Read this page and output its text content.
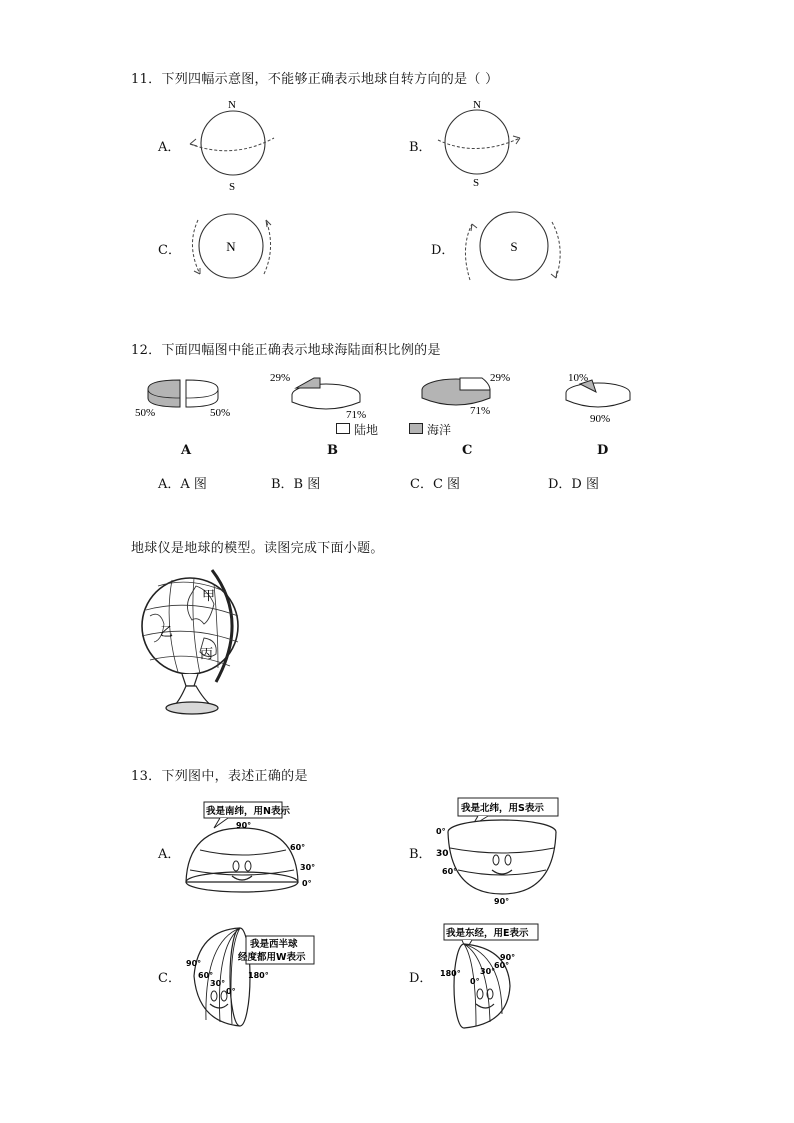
11．下列四幅示意图，不能够正确表示地球自转方向的是（ ）
A．
N
S
B．
N
S
C．	N	D．	S
12．下面四幅图中能正确表示地球海陆面积比例的是
50%	50%
29%
71%
29%
71%
10%
90%
陆地	海洋
A	B	C	D
A．A 图	B．B 图	C．C 图	D．D 图
地球仪是地球的模型。读图完成下面小题。
甲
乙
丙
13．下列图中，表述正确的是
A．
我是南纬，用N表示
90°
60°
30°
0°
B．
我是北纬，用S表示
0°
30
60°
90°
C．
我是西半球
经度都用W表示
90°
60°
30°
0°
180°	D．
我是东经，用E表示
180°
0°
30°
60°
90°
